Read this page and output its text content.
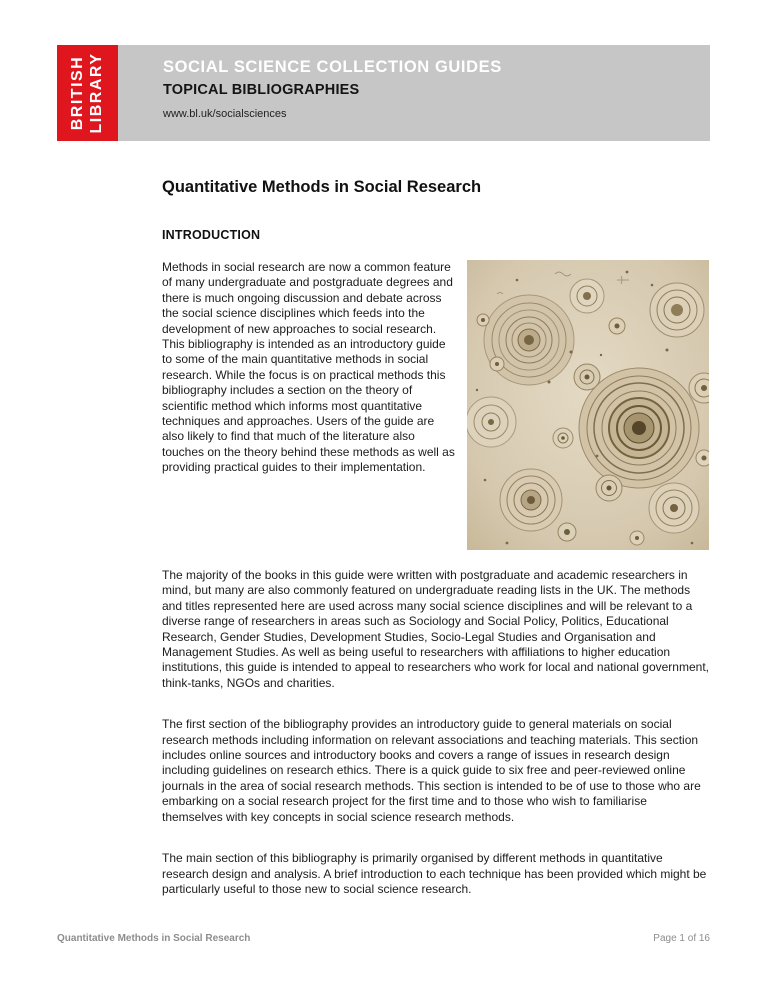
BRITISH LIBRARY	SOCIAL SCIENCE COLLECTION GUIDES
TOPICAL BIBLIOGRAPHIES
www.bl.uk/socialsciences
Quantitative Methods in Social Research
INTRODUCTION

Methods in social research are now a common feature of many undergraduate and postgraduate degrees and there is much ongoing discussion and debate across the social science disciplines which feeds into the development of new approaches to social research. This bibliography is intended as an introductory guide to some of the main quantitative methods in social research. While the focus is on practical methods this bibliography includes a section on the theory of scientific method which informs most quantitative techniques and approaches. Users of the guide are also likely to find that much of the literature also touches on the theory behind these methods as well as providing practical guides to their implementation.

The majority of the books in this guide were written with postgraduate and academic researchers in mind, but many are also commonly featured on undergraduate reading lists in the UK. The methods and titles represented here are used across many social science disciplines and will be relevant to a diverse range of researchers in areas such as Sociology and Social Policy, Politics, Educational Research, Gender Studies, Development Studies, Socio-Legal Studies and Organisation and Management Studies. As well as being useful to researchers with affiliations to higher education institutions, this guide is intended to appeal to researchers who work for local and national government, think-tanks, NGOs and charities.

The first section of the bibliography provides an introductory guide to general materials on social research methods including information on relevant associations and teaching materials. This section includes online sources and introductory books and covers a range of issues in research design including guidelines on research ethics. There is a quick guide to six free and peer-reviewed online journals in the area of social research methods. This section is intended to be of use to those who are embarking on a social research project for the first time and to those who wish to familiarise themselves with key concepts in social science research methods.

The main section of this bibliography is primarily organised by different methods in quantitative research design and analysis. A brief introduction to each technique has been provided which might be particularly useful to those new to social science research.

Quantitative Methods in Social Research	Page 1 of 16
